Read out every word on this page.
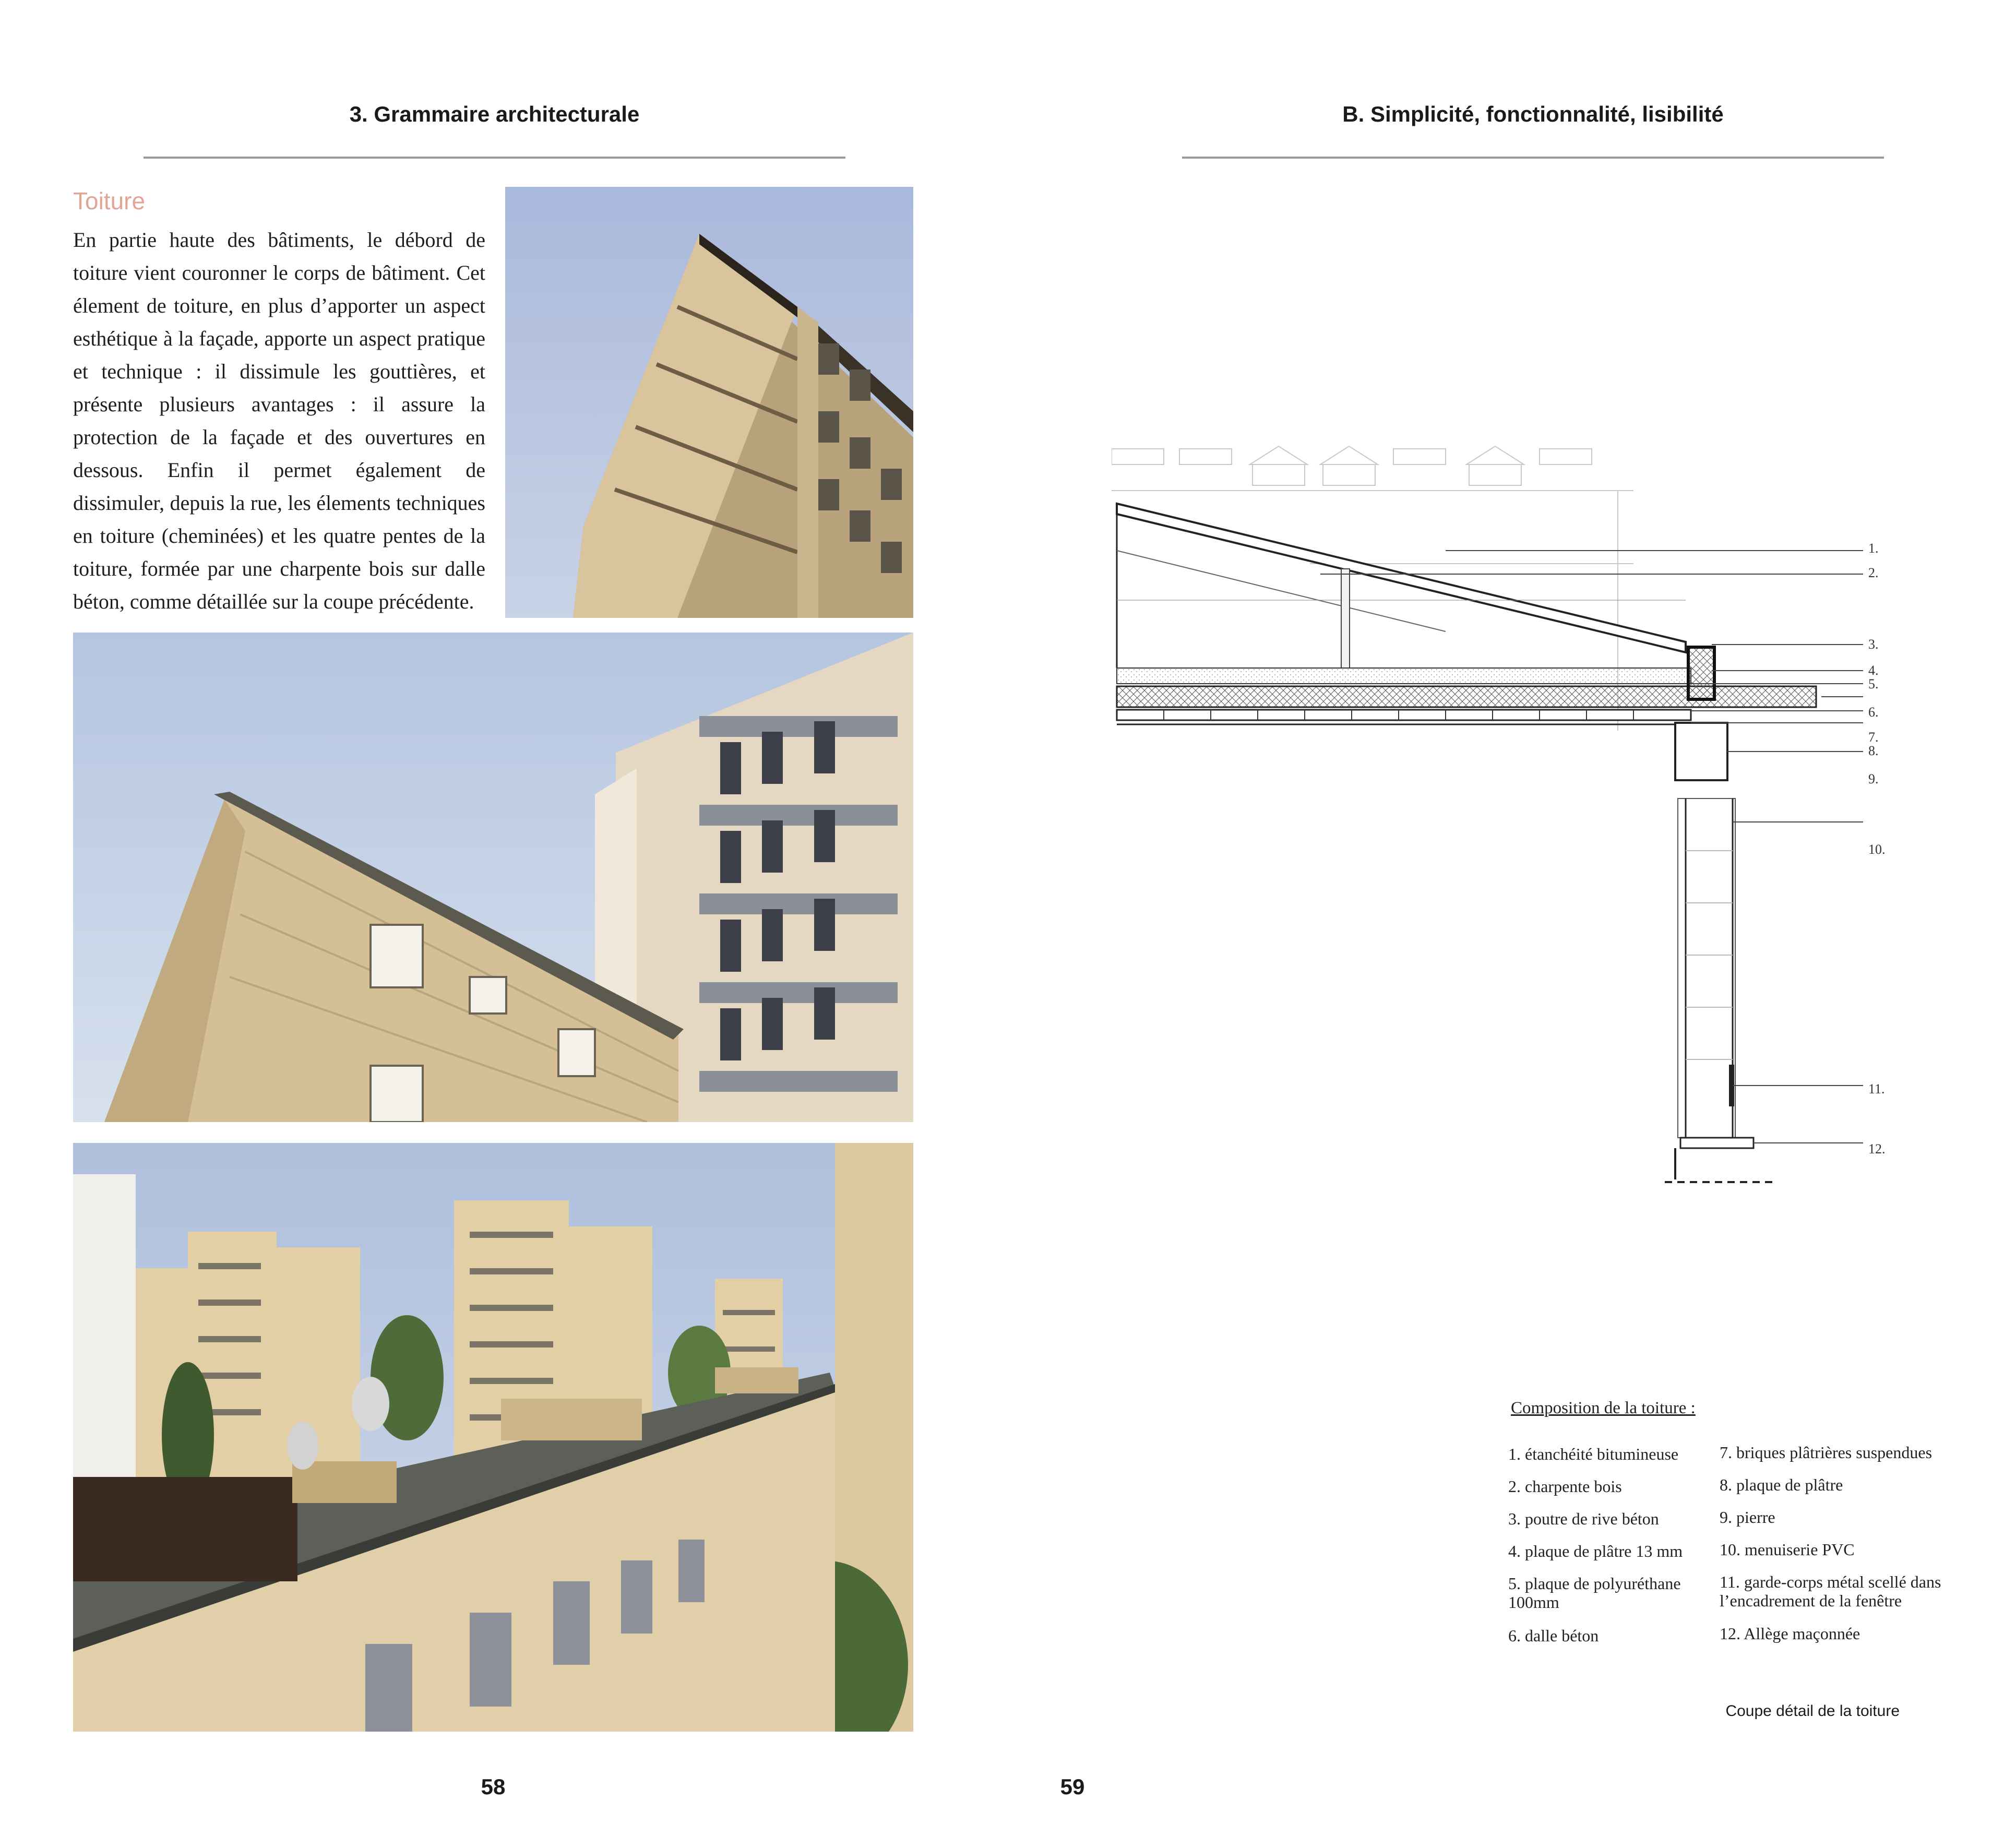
3. Grammaire architecturale
Toiture
En partie haute des bâtiments, le débord de toiture vient couronner le corps de bâtiment. Cet élement de toiture, en plus d’apporter un aspect esthétique à la façade, apporte un aspect pratique et technique : il dissimule les gouttières, et présente plusieurs avantages : il assure la protection de la façade et des ouvertures en dessous. Enfin il permet également de dissimuler, depuis la rue, les élements techniques en toiture (cheminées) et les quatre pentes de la toiture, formée par une charpente bois sur dalle béton, comme détaillée sur la coupe précédente.
58
B. Simplicité, fonctionnalité, lisibilité
1.
2.
3.
4.
5.
6.
7.
8.
9.
10.
11.
12.
Composition de la toiture :
1. étanchéité bitumineuse
2. charpente bois
3. poutre de rive béton
4. plaque de plâtre 13 mm
5. plaque de polyuréthane 100mm
6. dalle béton
7. briques plâtrières suspendues
8. plaque de plâtre
9. pierre
10. menuiserie PVC
11. garde-corps métal scellé dans l’encadrement de la fenêtre
12. Allège maçonnée
Coupe détail de la toiture
59
